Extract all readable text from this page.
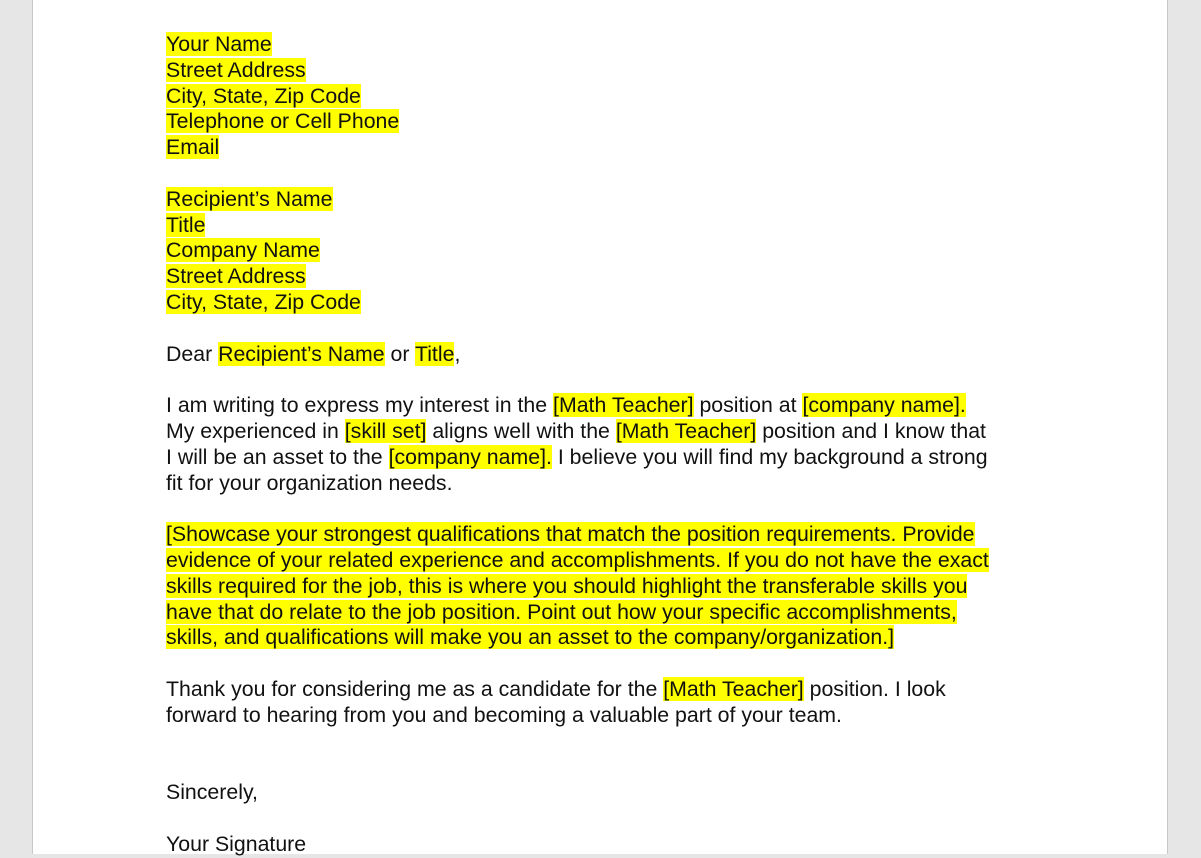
Your Name
Street Address
City, State, Zip Code
Telephone or Cell Phone
Email
Recipient’s Name
Title
Company Name
Street Address
City, State, Zip Code
Dear Recipient’s Name or Title,
I am writing to express my interest in the [Math Teacher] position at [company name].
My experienced in [skill set] aligns well with the [Math Teacher] position and I know that
I will be an asset to the [company name]. I believe you will find my background a strong
fit for your organization needs.
[Showcase your strongest qualifications that match the position requirements. Provide
evidence of your related experience and accomplishments. If you do not have the exact
skills required for the job, this is where you should highlight the transferable skills you
have that do relate to the job position. Point out how your specific accomplishments,
skills, and qualifications will make you an asset to the company/organization.]
Thank you for considering me as a candidate for the [Math Teacher] position. I look
forward to hearing from you and becoming a valuable part of your team.
Sincerely,
Your Signature
